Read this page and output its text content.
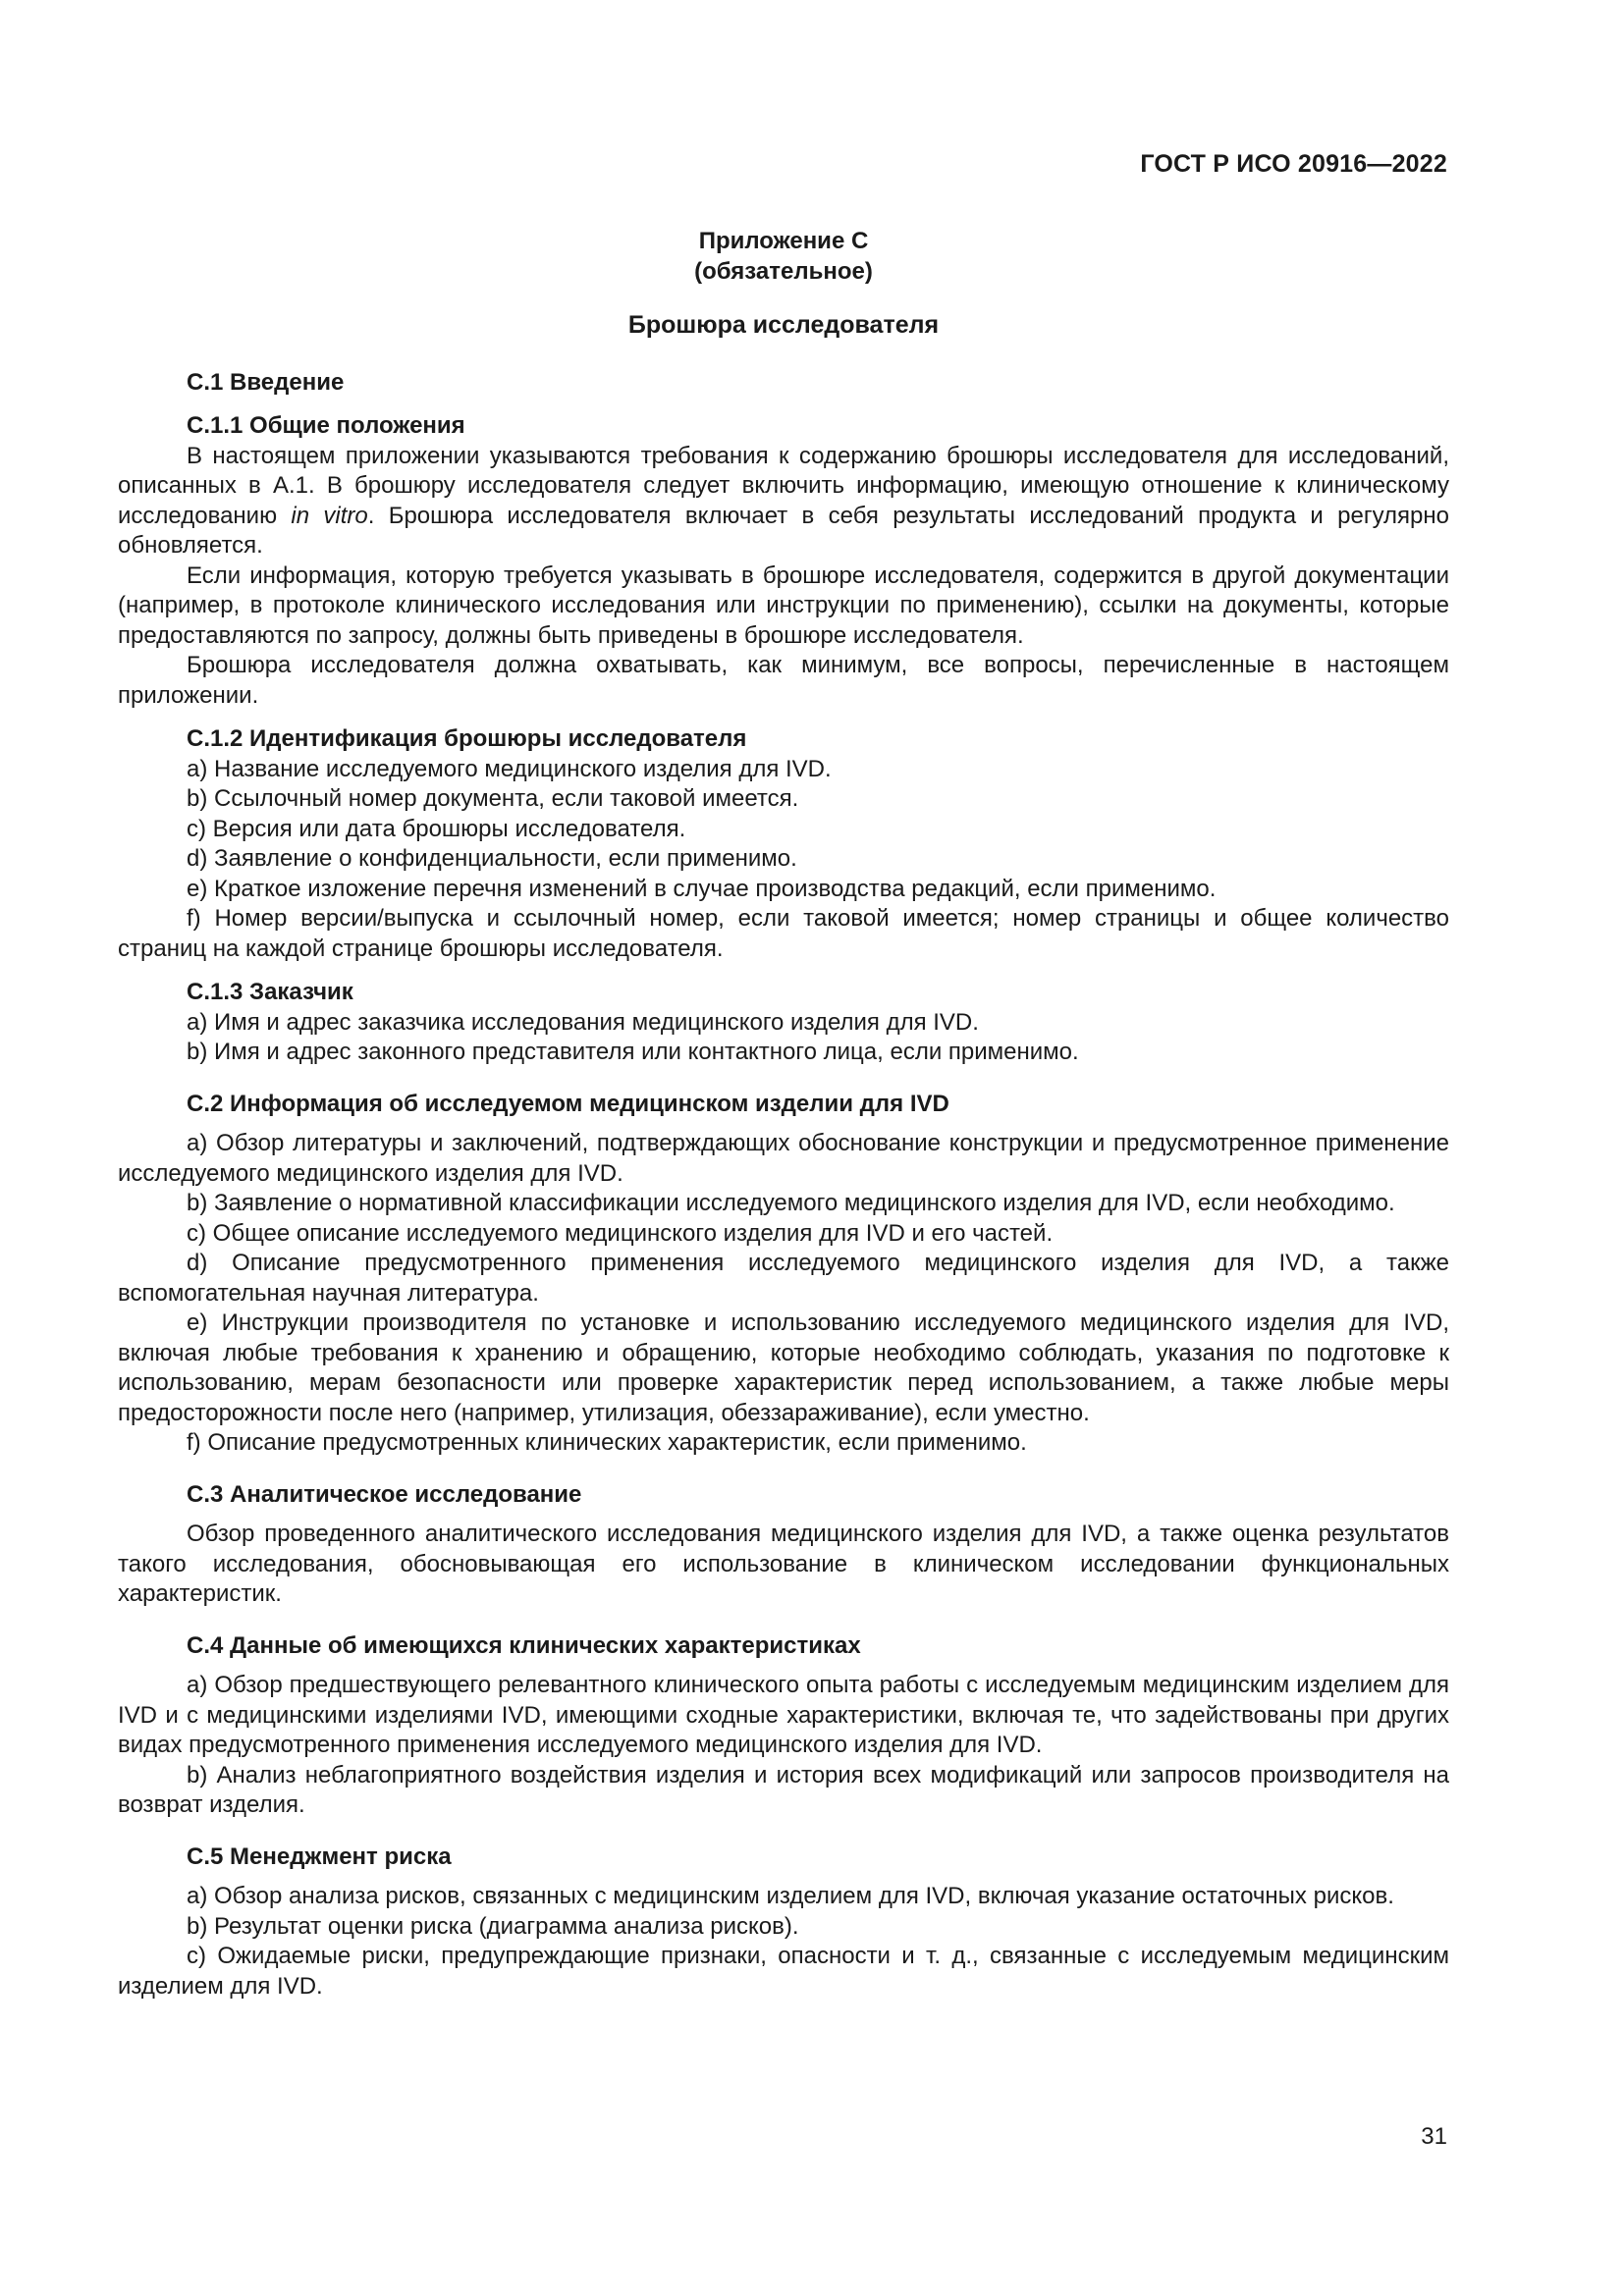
ГОСТ Р ИСО 20916—2022
Приложение С
(обязательное)
Брошюра исследователя
С.1 Введение
С.1.1 Общие положения

В настоящем приложении указываются требования к содержанию брошюры исследователя для исследований, описанных в А.1. В брошюру исследователя следует включить информацию, имеющую отношение к клиническому исследованию in vitro. Брошюра исследователя включает в себя результаты исследований продукта и регулярно обновляется.

Если информация, которую требуется указывать в брошюре исследователя, содержится в другой документации (например, в протоколе клинического исследования или инструкции по применению), ссылки на документы, которые предоставляются по запросу, должны быть приведены в брошюре исследователя.

Брошюра исследователя должна охватывать, как минимум, все вопросы, перечисленные в настоящем приложении.

С.1.2 Идентификация брошюры исследователя
a) Название исследуемого медицинского изделия для IVD.
b) Ссылочный номер документа, если таковой имеется.
c) Версия или дата брошюры исследователя.
d) Заявление о конфиденциальности, если применимо.
e) Краткое изложение перечня изменений в случае производства редакций, если применимо.
f) Номер версии/выпуска и ссылочный номер, если таковой имеется; номер страницы и общее количество страниц на каждой странице брошюры исследователя.
С.1.3 Заказчик
a) Имя и адрес заказчика исследования медицинского изделия для IVD.
b) Имя и адрес законного представителя или контактного лица, если применимо.
С.2 Информация об исследуемом медицинском изделии для IVD
a) Обзор литературы и заключений, подтверждающих обоснование конструкции и предусмотренное применение исследуемого медицинского изделия для IVD.
b) Заявление о нормативной классификации исследуемого медицинского изделия для IVD, если необходимо.
c) Общее описание исследуемого медицинского изделия для IVD и его частей.
d) Описание предусмотренного применения исследуемого медицинского изделия для IVD, а также вспомогательная научная литература.
e) Инструкции производителя по установке и использованию исследуемого медицинского изделия для IVD, включая любые требования к хранению и обращению, которые необходимо соблюдать, указания по подготовке к использованию, мерам безопасности или проверке характеристик перед использованием, а также любые меры предосторожности после него (например, утилизация, обеззараживание), если уместно.
f) Описание предусмотренных клинических характеристик, если применимо.
С.3 Аналитическое исследование

Обзор проведенного аналитического исследования медицинского изделия для IVD, а также оценка результатов такого исследования, обосновывающая его использование в клиническом исследовании функциональных характеристик.

С.4 Данные об имеющихся клинических характеристиках
a) Обзор предшествующего релевантного клинического опыта работы с исследуемым медицинским изделием для IVD и с медицинскими изделиями IVD, имеющими сходные характеристики, включая те, что задействованы при других видах предусмотренного применения исследуемого медицинского изделия для IVD.
b) Анализ неблагоприятного воздействия изделия и история всех модификаций или запросов производителя на возврат изделия.
С.5 Менеджмент риска
a) Обзор анализа рисков, связанных с медицинским изделием для IVD, включая указание остаточных рисков.
b) Результат оценки риска (диаграмма анализа рисков).
c) Ожидаемые риски, предупреждающие признаки, опасности и т. д., связанные с исследуемым медицинским изделием для IVD.
31
